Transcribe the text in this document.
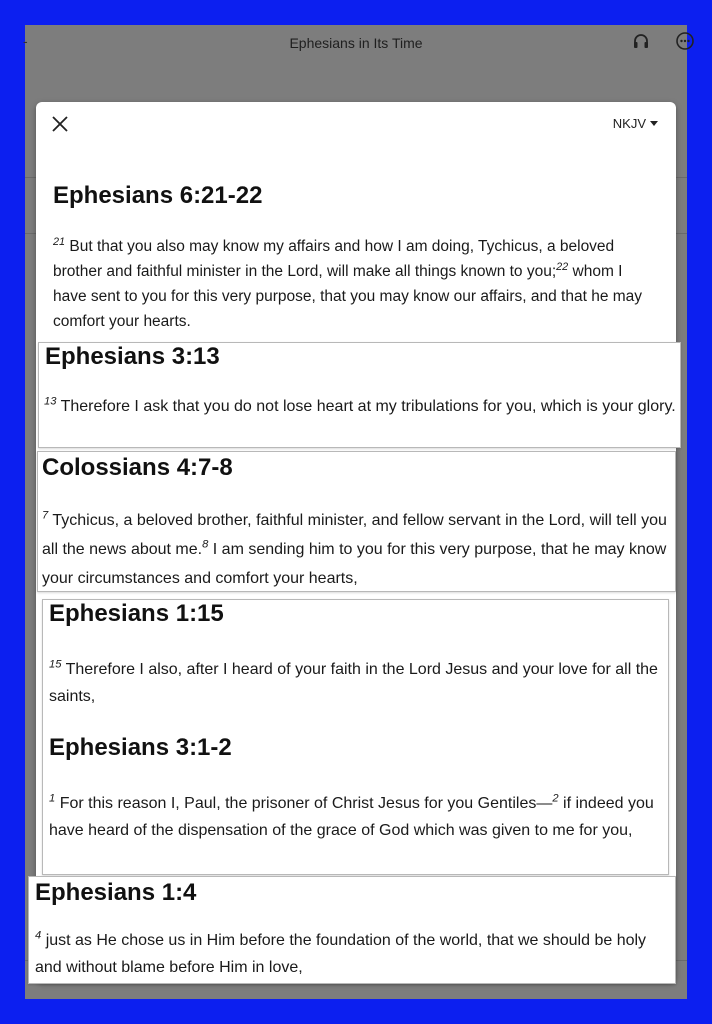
-	Ephesians in Its Time
NKJV
Ephesians 6:21-22

$^{21}$ But that you also may know my affairs and how I am doing, Tychicus, a beloved brother and faithful minister in the Lord, will make all things known to you;$^{22}$ whom I have sent to you for this very purpose, that you may know our affairs, and that he may comfort your hearts.

Ephesians 3:13

$^{13}$ Therefore I ask that you do not lose heart at my tribulations for you, which is your glory.

Colossians 4:7-8

$^7$ Tychicus, a beloved brother, faithful minister, and fellow servant in the Lord, will tell you all the news about me.$^8$ I am sending him to you for this very purpose, that he may know your circumstances and comfort your hearts,

Ephesians 1:15

$^{15}$ Therefore I also, after I heard of your faith in the Lord Jesus and your love for all the saints,

Ephesians 3:1-2

$^1$ For this reason I, Paul, the prisoner of Christ Jesus for you Gentiles—$^2$ if indeed you have heard of the dispensation of the grace of God which was given to me for you,

Ephesians 1:4

$^4$ just as He chose us in Him before the foundation of the world, that we should be holy and without blame before Him in love,
